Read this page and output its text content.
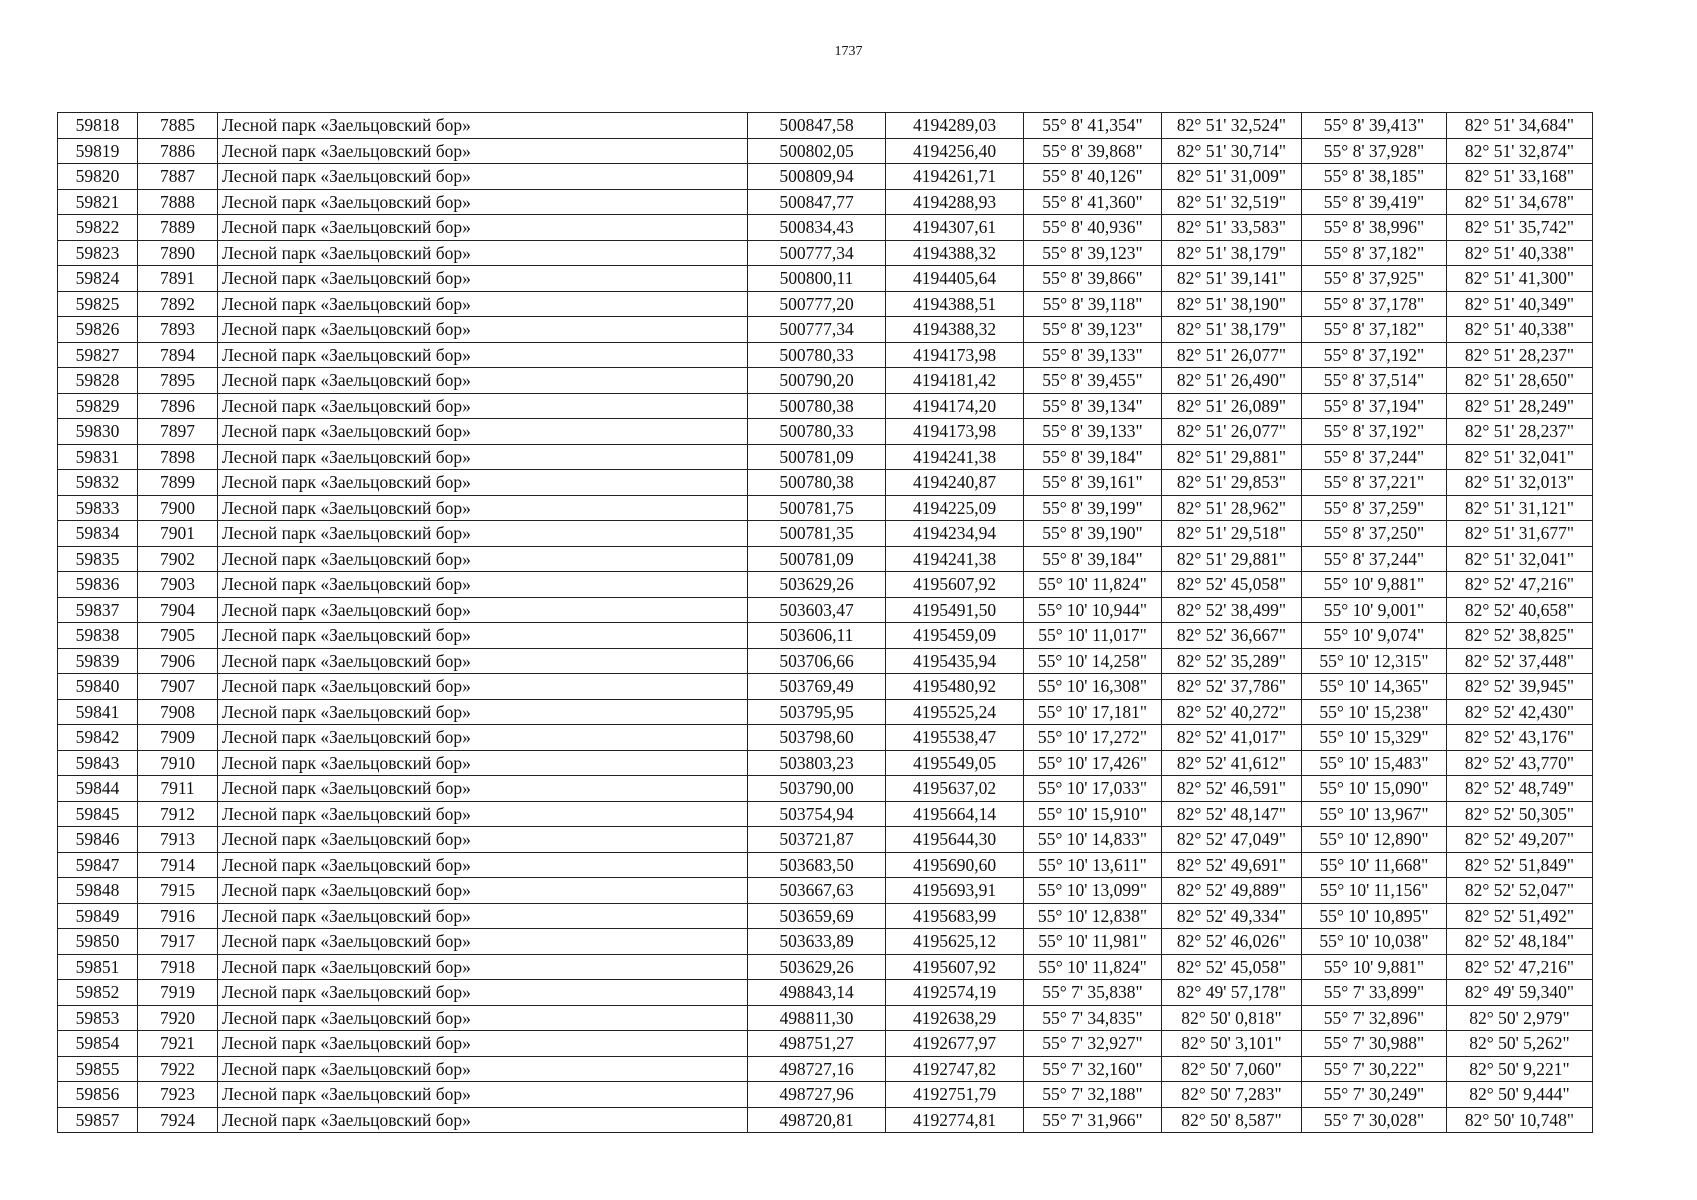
1737
59818	7885	Лесной парк «Заельцовский бор»	500847,58	4194289,03	55° 8' 41,354"	82° 51' 32,524"	55° 8' 39,413"	82° 51' 34,684"
59819	7886	Лесной парк «Заельцовский бор»	500802,05	4194256,40	55° 8' 39,868"	82° 51' 30,714"	55° 8' 37,928"	82° 51' 32,874"
59820	7887	Лесной парк «Заельцовский бор»	500809,94	4194261,71	55° 8' 40,126"	82° 51' 31,009"	55° 8' 38,185"	82° 51' 33,168"
59821	7888	Лесной парк «Заельцовский бор»	500847,77	4194288,93	55° 8' 41,360"	82° 51' 32,519"	55° 8' 39,419"	82° 51' 34,678"
59822	7889	Лесной парк «Заельцовский бор»	500834,43	4194307,61	55° 8' 40,936"	82° 51' 33,583"	55° 8' 38,996"	82° 51' 35,742"
59823	7890	Лесной парк «Заельцовский бор»	500777,34	4194388,32	55° 8' 39,123"	82° 51' 38,179"	55° 8' 37,182"	82° 51' 40,338"
59824	7891	Лесной парк «Заельцовский бор»	500800,11	4194405,64	55° 8' 39,866"	82° 51' 39,141"	55° 8' 37,925"	82° 51' 41,300"
59825	7892	Лесной парк «Заельцовский бор»	500777,20	4194388,51	55° 8' 39,118"	82° 51' 38,190"	55° 8' 37,178"	82° 51' 40,349"
59826	7893	Лесной парк «Заельцовский бор»	500777,34	4194388,32	55° 8' 39,123"	82° 51' 38,179"	55° 8' 37,182"	82° 51' 40,338"
59827	7894	Лесной парк «Заельцовский бор»	500780,33	4194173,98	55° 8' 39,133"	82° 51' 26,077"	55° 8' 37,192"	82° 51' 28,237"
59828	7895	Лесной парк «Заельцовский бор»	500790,20	4194181,42	55° 8' 39,455"	82° 51' 26,490"	55° 8' 37,514"	82° 51' 28,650"
59829	7896	Лесной парк «Заельцовский бор»	500780,38	4194174,20	55° 8' 39,134"	82° 51' 26,089"	55° 8' 37,194"	82° 51' 28,249"
59830	7897	Лесной парк «Заельцовский бор»	500780,33	4194173,98	55° 8' 39,133"	82° 51' 26,077"	55° 8' 37,192"	82° 51' 28,237"
59831	7898	Лесной парк «Заельцовский бор»	500781,09	4194241,38	55° 8' 39,184"	82° 51' 29,881"	55° 8' 37,244"	82° 51' 32,041"
59832	7899	Лесной парк «Заельцовский бор»	500780,38	4194240,87	55° 8' 39,161"	82° 51' 29,853"	55° 8' 37,221"	82° 51' 32,013"
59833	7900	Лесной парк «Заельцовский бор»	500781,75	4194225,09	55° 8' 39,199"	82° 51' 28,962"	55° 8' 37,259"	82° 51' 31,121"
59834	7901	Лесной парк «Заельцовский бор»	500781,35	4194234,94	55° 8' 39,190"	82° 51' 29,518"	55° 8' 37,250"	82° 51' 31,677"
59835	7902	Лесной парк «Заельцовский бор»	500781,09	4194241,38	55° 8' 39,184"	82° 51' 29,881"	55° 8' 37,244"	82° 51' 32,041"
59836	7903	Лесной парк «Заельцовский бор»	503629,26	4195607,92	55° 10' 11,824"	82° 52' 45,058"	55° 10' 9,881"	82° 52' 47,216"
59837	7904	Лесной парк «Заельцовский бор»	503603,47	4195491,50	55° 10' 10,944"	82° 52' 38,499"	55° 10' 9,001"	82° 52' 40,658"
59838	7905	Лесной парк «Заельцовский бор»	503606,11	4195459,09	55° 10' 11,017"	82° 52' 36,667"	55° 10' 9,074"	82° 52' 38,825"
59839	7906	Лесной парк «Заельцовский бор»	503706,66	4195435,94	55° 10' 14,258"	82° 52' 35,289"	55° 10' 12,315"	82° 52' 37,448"
59840	7907	Лесной парк «Заельцовский бор»	503769,49	4195480,92	55° 10' 16,308"	82° 52' 37,786"	55° 10' 14,365"	82° 52' 39,945"
59841	7908	Лесной парк «Заельцовский бор»	503795,95	4195525,24	55° 10' 17,181"	82° 52' 40,272"	55° 10' 15,238"	82° 52' 42,430"
59842	7909	Лесной парк «Заельцовский бор»	503798,60	4195538,47	55° 10' 17,272"	82° 52' 41,017"	55° 10' 15,329"	82° 52' 43,176"
59843	7910	Лесной парк «Заельцовский бор»	503803,23	4195549,05	55° 10' 17,426"	82° 52' 41,612"	55° 10' 15,483"	82° 52' 43,770"
59844	7911	Лесной парк «Заельцовский бор»	503790,00	4195637,02	55° 10' 17,033"	82° 52' 46,591"	55° 10' 15,090"	82° 52' 48,749"
59845	7912	Лесной парк «Заельцовский бор»	503754,94	4195664,14	55° 10' 15,910"	82° 52' 48,147"	55° 10' 13,967"	82° 52' 50,305"
59846	7913	Лесной парк «Заельцовский бор»	503721,87	4195644,30	55° 10' 14,833"	82° 52' 47,049"	55° 10' 12,890"	82° 52' 49,207"
59847	7914	Лесной парк «Заельцовский бор»	503683,50	4195690,60	55° 10' 13,611"	82° 52' 49,691"	55° 10' 11,668"	82° 52' 51,849"
59848	7915	Лесной парк «Заельцовский бор»	503667,63	4195693,91	55° 10' 13,099"	82° 52' 49,889"	55° 10' 11,156"	82° 52' 52,047"
59849	7916	Лесной парк «Заельцовский бор»	503659,69	4195683,99	55° 10' 12,838"	82° 52' 49,334"	55° 10' 10,895"	82° 52' 51,492"
59850	7917	Лесной парк «Заельцовский бор»	503633,89	4195625,12	55° 10' 11,981"	82° 52' 46,026"	55° 10' 10,038"	82° 52' 48,184"
59851	7918	Лесной парк «Заельцовский бор»	503629,26	4195607,92	55° 10' 11,824"	82° 52' 45,058"	55° 10' 9,881"	82° 52' 47,216"
59852	7919	Лесной парк «Заельцовский бор»	498843,14	4192574,19	55° 7' 35,838"	82° 49' 57,178"	55° 7' 33,899"	82° 49' 59,340"
59853	7920	Лесной парк «Заельцовский бор»	498811,30	4192638,29	55° 7' 34,835"	82° 50' 0,818"	55° 7' 32,896"	82° 50' 2,979"
59854	7921	Лесной парк «Заельцовский бор»	498751,27	4192677,97	55° 7' 32,927"	82° 50' 3,101"	55° 7' 30,988"	82° 50' 5,262"
59855	7922	Лесной парк «Заельцовский бор»	498727,16	4192747,82	55° 7' 32,160"	82° 50' 7,060"	55° 7' 30,222"	82° 50' 9,221"
59856	7923	Лесной парк «Заельцовский бор»	498727,96	4192751,79	55° 7' 32,188"	82° 50' 7,283"	55° 7' 30,249"	82° 50' 9,444"
59857	7924	Лесной парк «Заельцовский бор»	498720,81	4192774,81	55° 7' 31,966"	82° 50' 8,587"	55° 7' 30,028"	82° 50' 10,748"
